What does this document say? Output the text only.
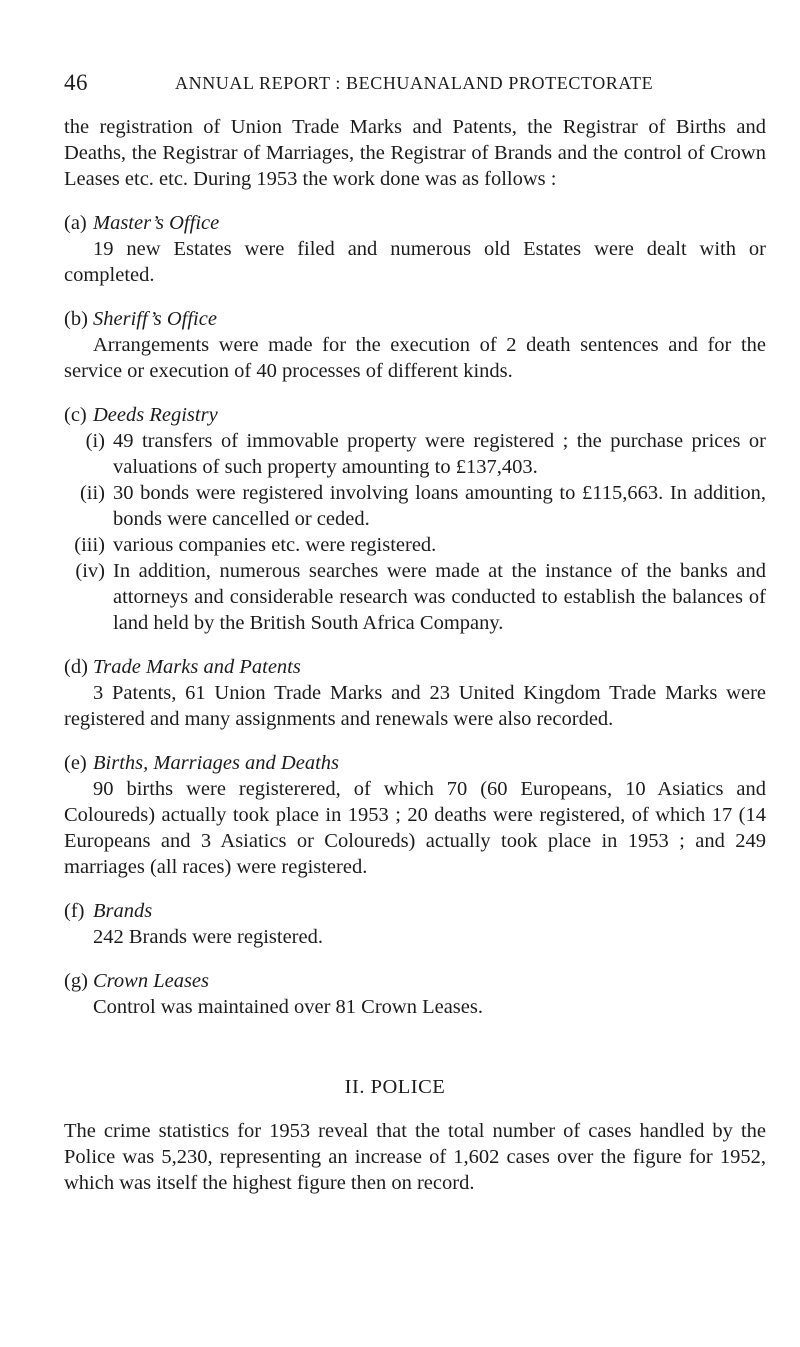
46	ANNUAL REPORT : BECHUANALAND PROTECTORATE

the registration of Union Trade Marks and Patents, the Registrar of Births and Deaths, the Registrar of Marriages, the Registrar of Brands and the control of Crown Leases etc. etc. During 1953 the work done was as follows :

(a) Master’s Office

19 new Estates were filed and numerous old Estates were dealt with or completed.

(b) Sheriff’s Office

Arrangements were made for the execution of 2 death sentences and for the service or execution of 40 processes of different kinds.

(c) Deeds Registry
(i) 49 transfers of immovable property were registered ; the purchase prices or valuations of such property amounting to £137,403.
(ii) 30 bonds were registered involving loans amounting to £115,663. In addition, bonds were cancelled or ceded.
(iii) various companies etc. were registered.
(iv) In addition, numerous searches were made at the instance of the banks and attorneys and considerable research was conducted to establish the balances of land held by the British South Africa Company.
(d) Trade Marks and Patents

3 Patents, 61 Union Trade Marks and 23 United Kingdom Trade Marks were registered and many assignments and renewals were also recorded.

(e) Births, Marriages and Deaths

90 births were registerered, of which 70 (60 Europeans, 10 Asiatics and Coloureds) actually took place in 1953 ; 20 deaths were registered, of which 17 (14 Europeans and 3 Asiatics or Coloureds) actually took place in 1953 ; and 249 marriages (all races) were registered.

(f) Brands

242 Brands were registered.

(g) Crown Leases

Control was maintained over 81 Crown Leases.

II. POLICE

The crime statistics for 1953 reveal that the total number of cases handled by the Police was 5,230, representing an increase of 1,602 cases over the figure for 1952, which was itself the highest figure then on record.
